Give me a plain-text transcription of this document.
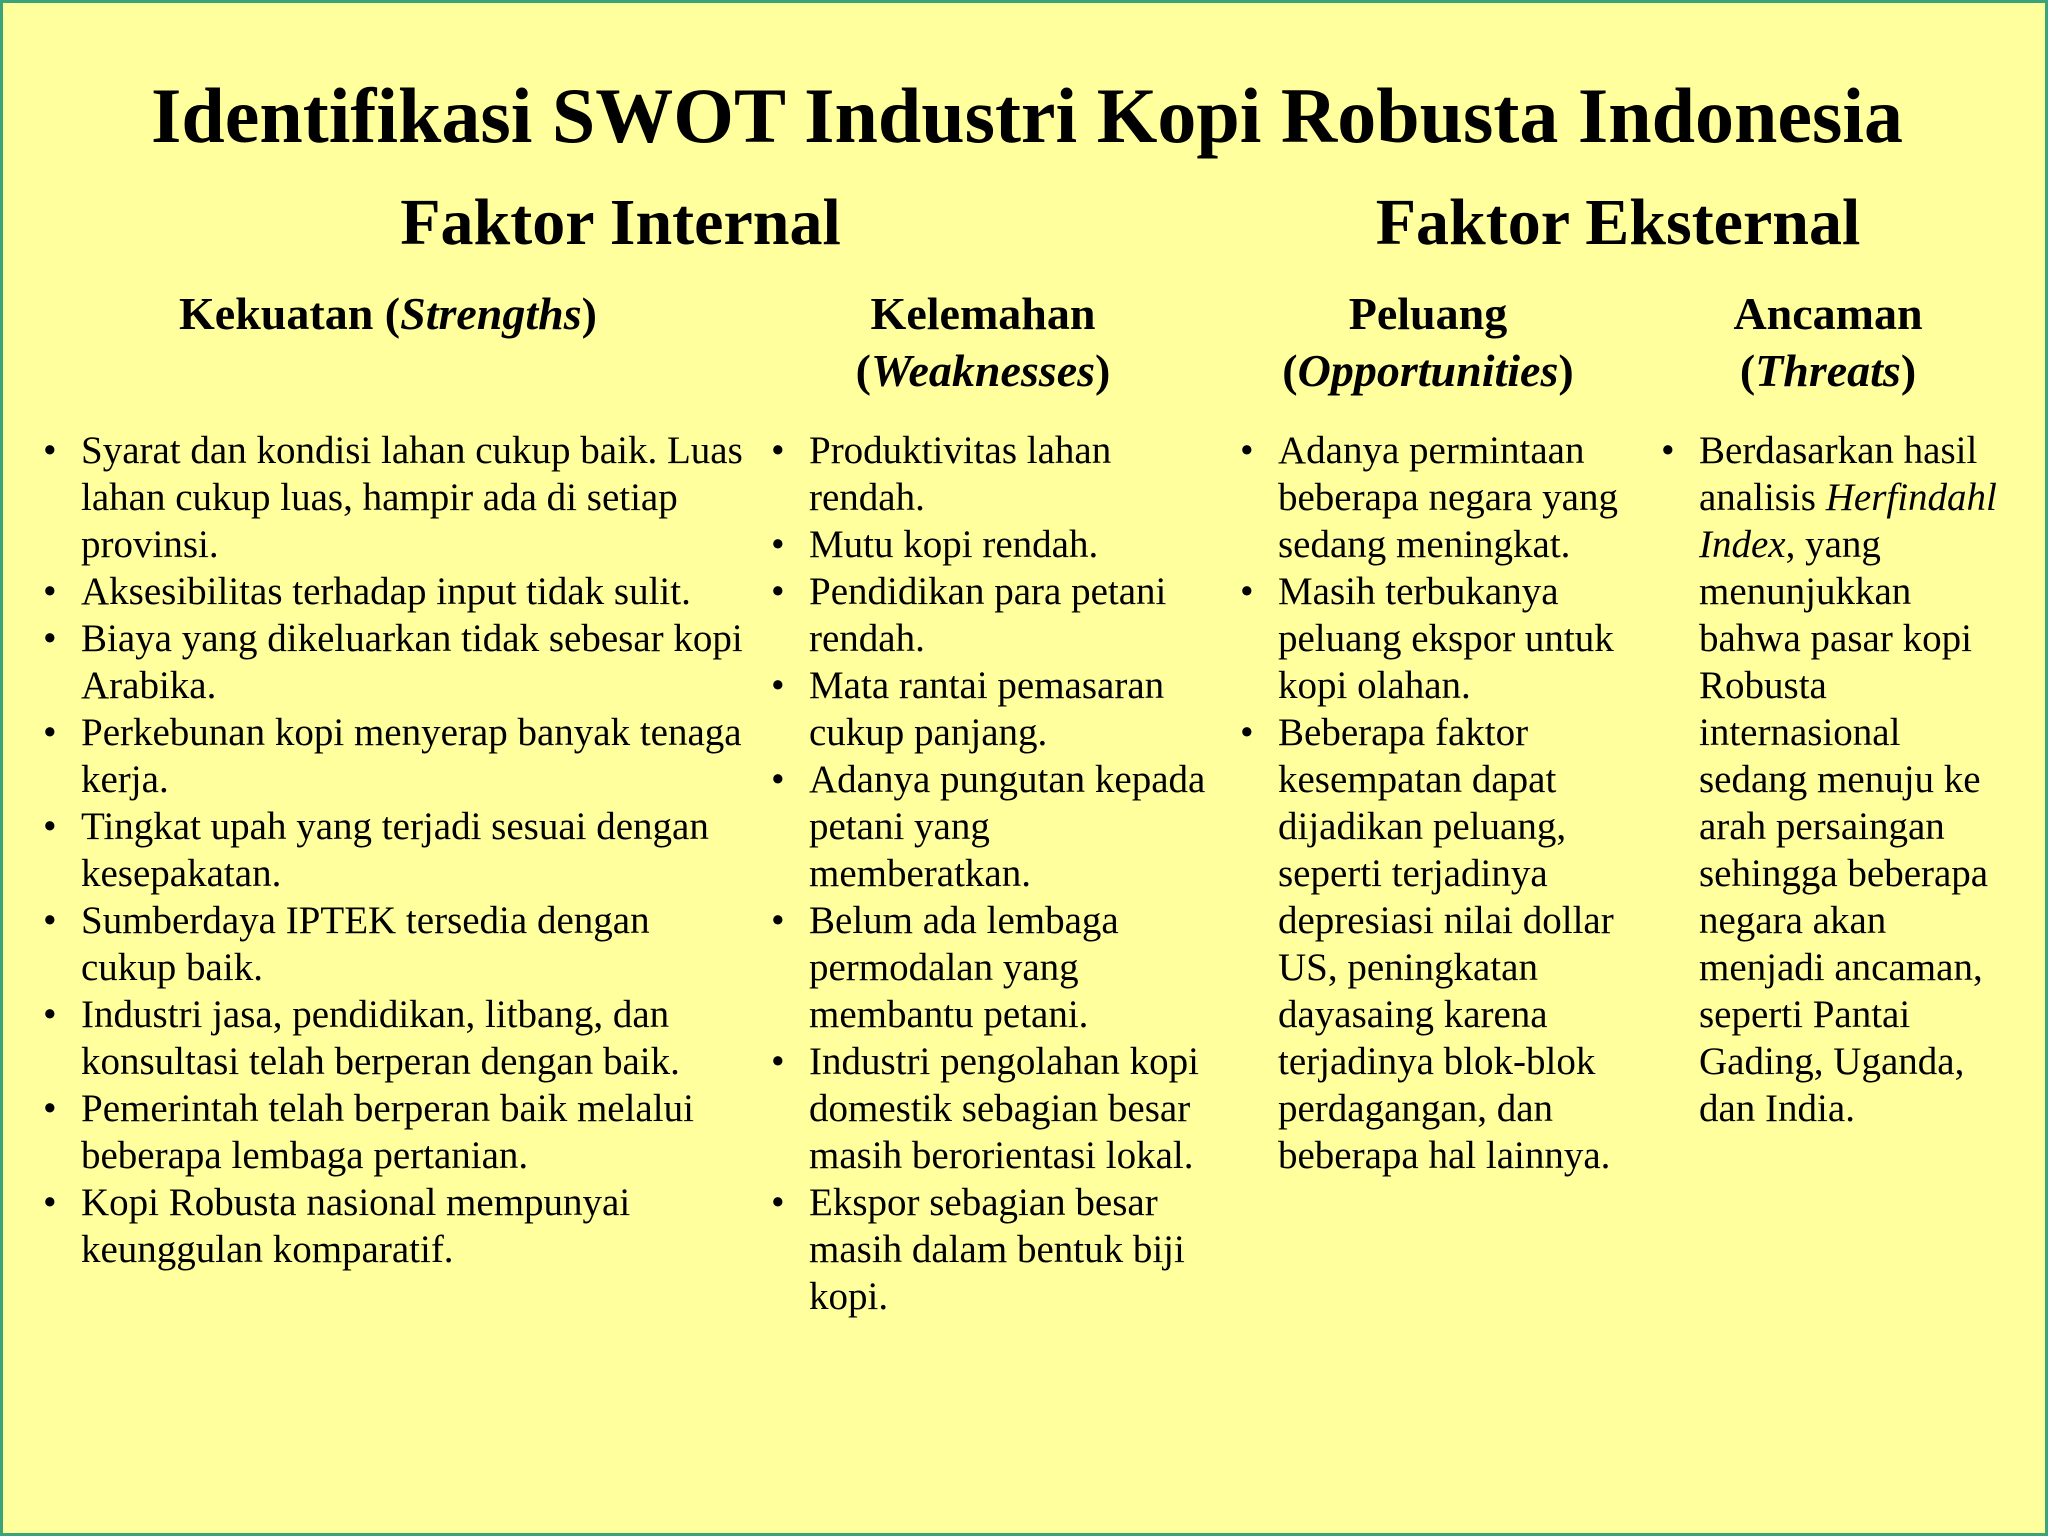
Identifikasi SWOT Industri Kopi Robusta Indonesia
Faktor Internal	Faktor Eksternal
Kekuatan (Strengths)
• Syarat dan kondisi lahan cukup baik. Luas lahan cukup luas, hampir ada di setiap provinsi.
• Aksesibilitas terhadap input tidak sulit.
• Biaya yang dikeluarkan tidak sebesar kopi Arabika.
• Perkebunan kopi menyerap banyak tenaga kerja.
• Tingkat upah yang terjadi sesuai dengan kesepakatan.
• Sumberdaya IPTEK tersedia dengan cukup baik.
• Industri jasa, pendidikan, litbang, dan konsultasi telah berperan dengan baik.
• Pemerintah telah berperan baik melalui beberapa lembaga pertanian.
• Kopi Robusta nasional mempunyai keunggulan komparatif.
Kelemahan
(Weaknesses)
• Produktivitas lahan rendah.
• Mutu kopi rendah.
• Pendidikan para petani rendah.
• Mata rantai pemasaran cukup panjang.
• Adanya pungutan kepada petani yang memberatkan.
• Belum ada lembaga permodalan yang membantu petani.
• Industri pengolahan kopi domestik sebagian besar masih berorientasi lokal.
• Ekspor sebagian besar masih dalam bentuk biji kopi.
Peluang
(Opportunities)
• Adanya permintaan beberapa negara yang sedang meningkat.
• Masih terbukanya peluang ekspor untuk kopi olahan.
• Beberapa faktor kesempatan dapat dijadikan peluang, seperti terjadinya depresiasi nilai dollar US, peningkatan dayasaing karena terjadinya blok-blok perdagangan, dan beberapa hal lainnya.
Ancaman
(Threats)
• Berdasarkan hasil analisis Herfindahl Index, yang menunjukkan bahwa pasar kopi Robusta internasional sedang menuju ke arah persaingan sehingga beberapa negara akan menjadi ancaman, seperti Pantai Gading, Uganda, dan India.
